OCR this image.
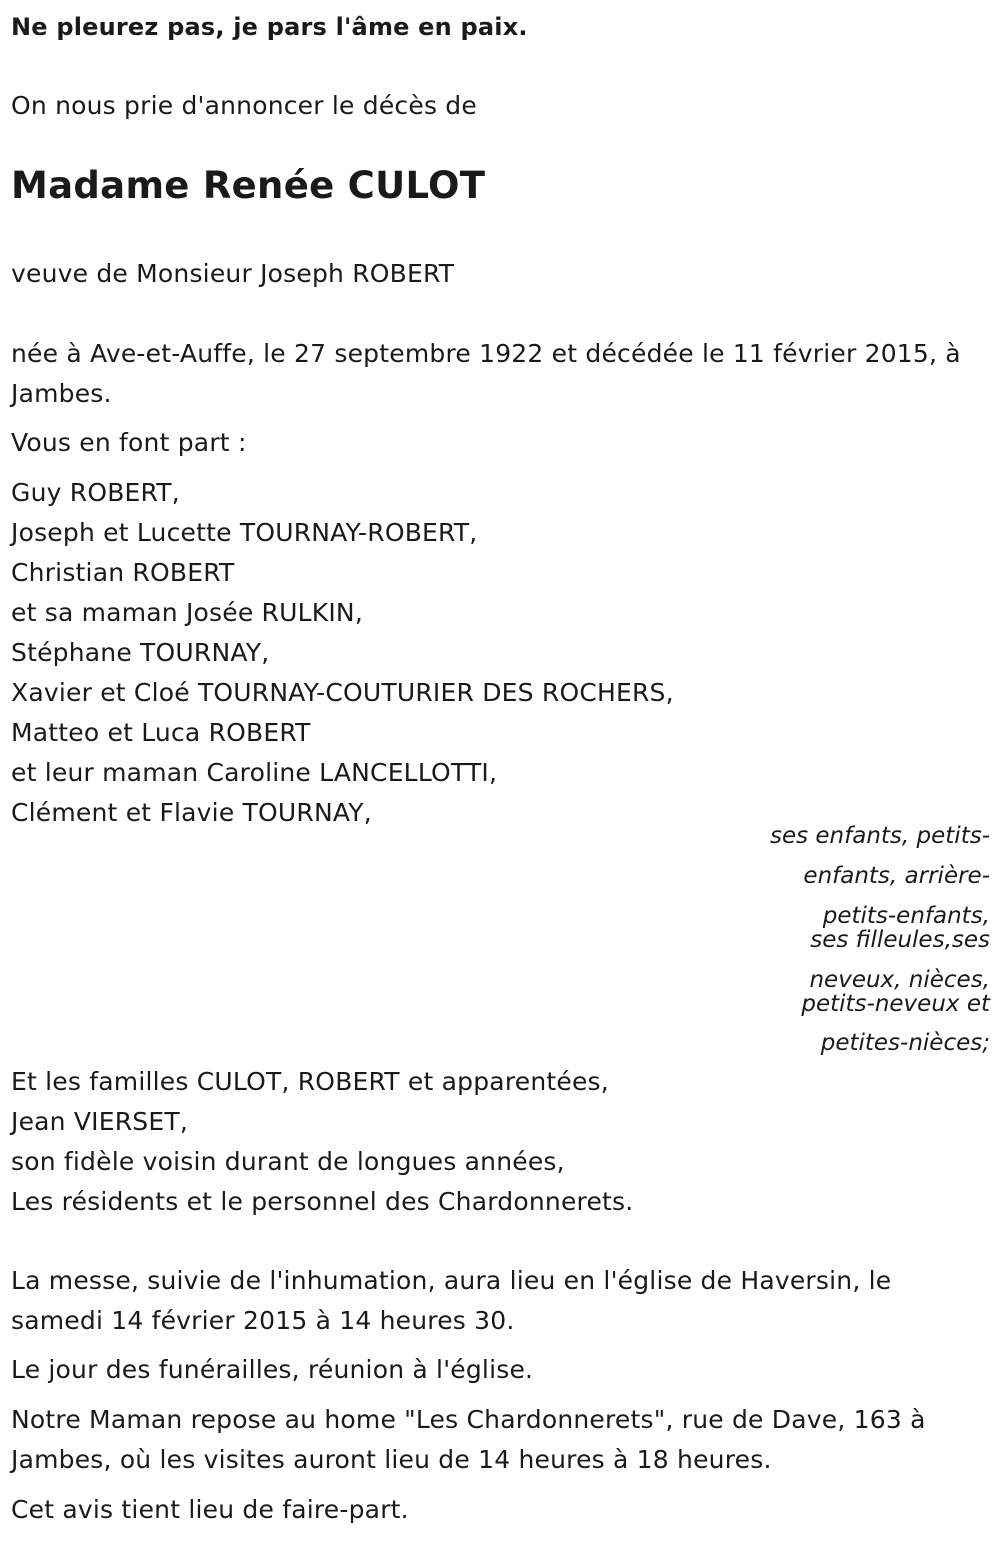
Ne pleurez pas, je pars l'âme en paix.

On nous prie d'annoncer le décès de

Madame Renée CULOT

veuve de Monsieur Joseph ROBERT

née à Ave-et-Auffe, le 27 septembre 1922 et décédée le 11 février 2015, à

Jambes.

Vous en font part :

Guy ROBERT,

Joseph et Lucette TOURNAY-ROBERT,

Christian ROBERT

et sa maman Josée RULKIN,

Stéphane TOURNAY,

Xavier et Cloé TOURNAY-COUTURIER DES ROCHERS,

Matteo et Luca ROBERT

et leur maman Caroline LANCELLOTTI,

Clément et Flavie TOURNAY,

ses enfants, petits-

enfants, arrière-

petits-enfants,

ses filleules,ses

neveux, nièces,

petits-neveux et

petites-nièces;

Et les familles CULOT, ROBERT et apparentées,

Jean VIERSET,

son fidèle voisin durant de longues années,

Les résidents et le personnel des Chardonnerets.

La messe, suivie de l'inhumation, aura lieu en l'église de Haversin, le

samedi 14 février 2015 à 14 heures 30.

Le jour des funérailles, réunion à l'église.

Notre Maman repose au home "Les Chardonnerets", rue de Dave, 163 à

Jambes, où les visites auront lieu de 14 heures à 18 heures.

Cet avis tient lieu de faire-part.
